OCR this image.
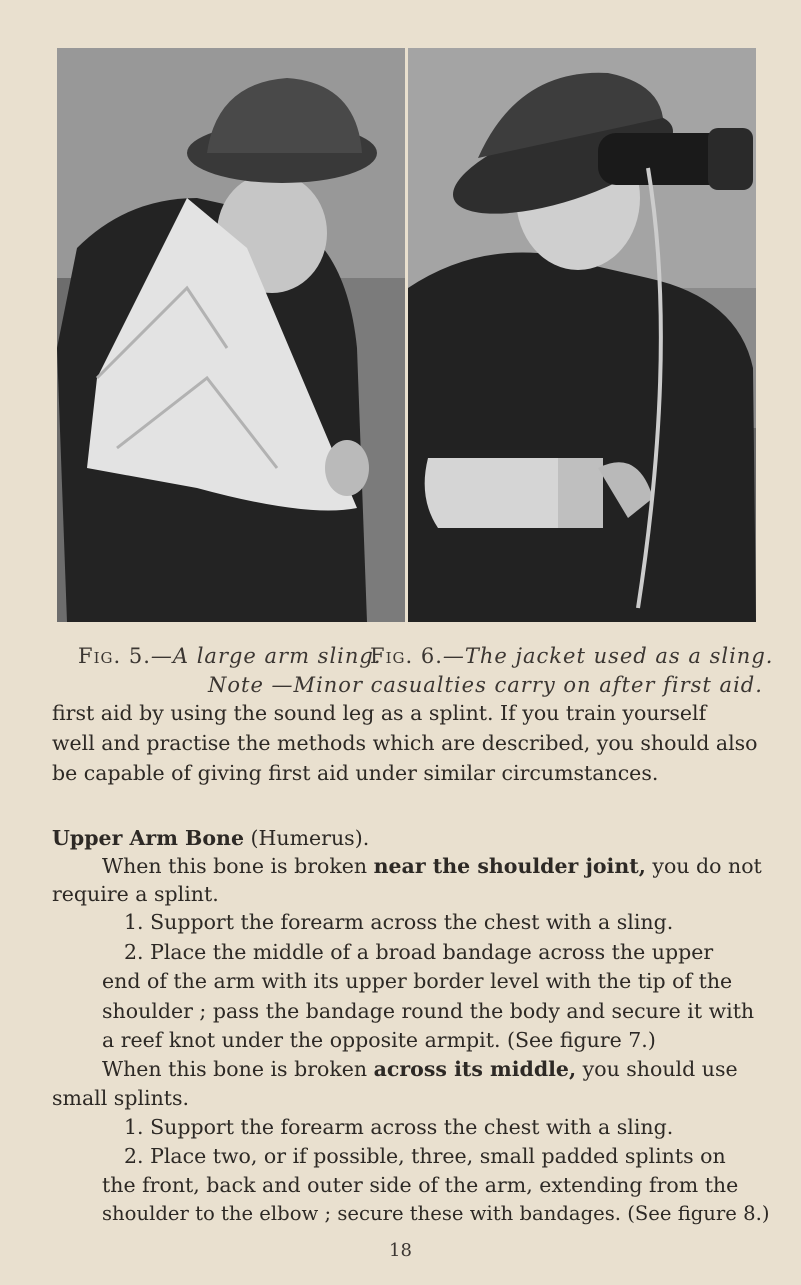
Fig. 5.—A large arm sling.
Fig. 6.—The jacket used as a sling.
Note —Minor casualties carry on after first aid.
first aid by using the sound leg as a splint. If you train yourself
well and practise the methods which are described, you should also
be capable of giving first aid under similar circumstances.
Upper Arm Bone (Humerus).
When this bone is broken near the shoulder joint, you do not
require a splint.
1. Support the forearm across the chest with a sling.
2. Place the middle of a broad bandage across the upper
end of the arm with its upper border level with the tip of the
shoulder ; pass the bandage round the body and secure it with
a reef knot under the opposite armpit. (See figure 7.)
When this bone is broken across its middle, you should use
small splints.
1. Support the forearm across the chest with a sling.
2. Place two, or if possible, three, small padded splints on
the front, back and outer side of the arm, extending from the
shoulder to the elbow ; secure these with bandages. (See figure 8.)
18
